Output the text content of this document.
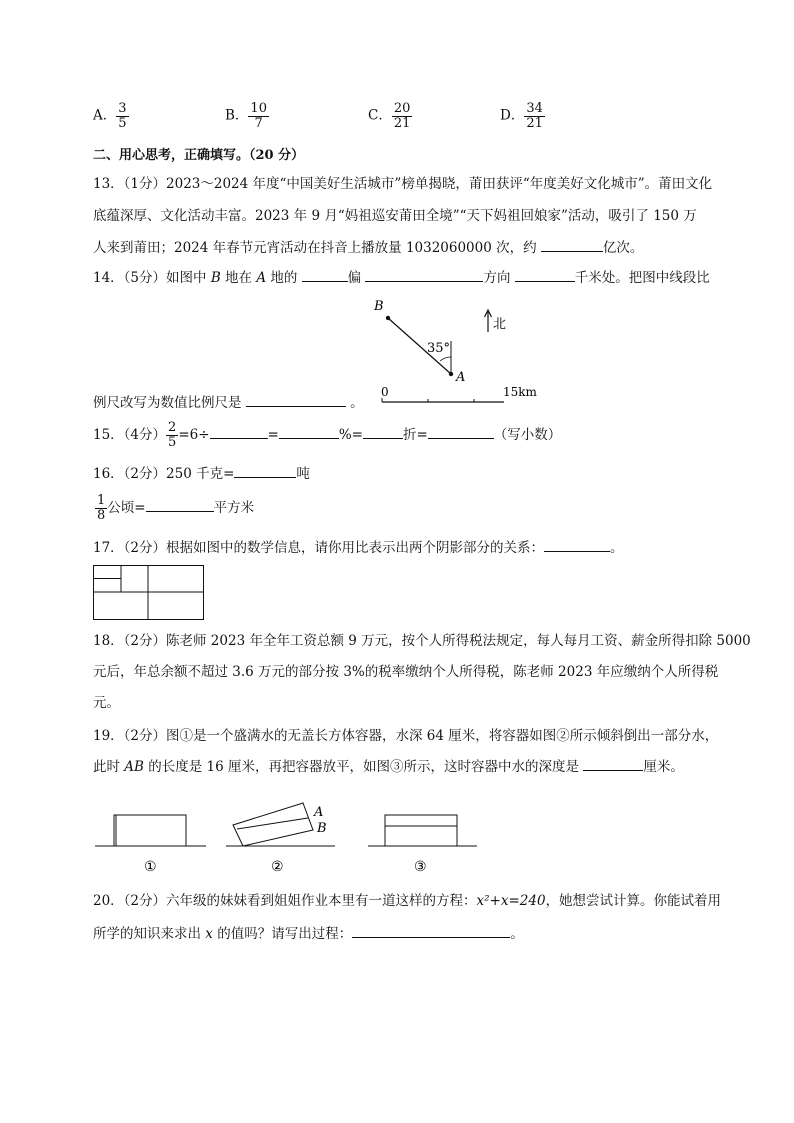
A． $\frac{3}{5}$	B． $\frac{10}{7}$	C． $\frac{20}{21}$	D． $\frac{34}{21}$
二、用心思考，正确填写。（20 分）
13．（1分）2023～2024 年度“中国美好生活城市”榜单揭晓，莆田获评“年度美好文化城市”。莆田文化
底蕴深厚、文化活动丰富。2023 年 9 月“妈祖巡安莆田全境”“天下妈祖回娘家”活动，吸引了 150 万
人来到莆田；2024 年春节元宵活动在抖音上播放量 1032060000 次，约	亿次。
14．（5分）如图中 B 地在 A 地的	偏	方向	千米处。把图中线段比
B
A
35°
北
0	15km
例尺改写为数值比例尺是	。
15．（4分） $\frac{2}{5} =6\div$	=	%=	折=	（写小数）
16．（2分）250 千克=	吨
$\frac{1}{8}$ 公顷=	平方米
17．（2分）根据如图中的数学信息，请你用比表示出两个阴影部分的关系：	。
18．（2分）陈老师 2023 年全年工资总额 9 万元，按个人所得税法规定，每人每月工资、薪金所得扣除 5000
元后，年总余额不超过 3.6 万元的部分按 3%的税率缴纳个人所得税，陈老师 2023 年应缴纳个人所得税
元。
19．（2分）图①是一个盛满水的无盖长方体容器，水深 64 厘米，将容器如图②所示倾斜倒出一部分水，
此时 AB 的长度是 16 厘米，再把容器放平，如图③所示，这时容器中水的深度是	厘米。
①
A
B
②	③
20．（2分）六年级的妹妹看到姐姐作业本里有一道这样的方程：x²+x=240，她想尝试计算。你能试着用
所学的知识来求出 x 的值吗？请写出过程：	。
